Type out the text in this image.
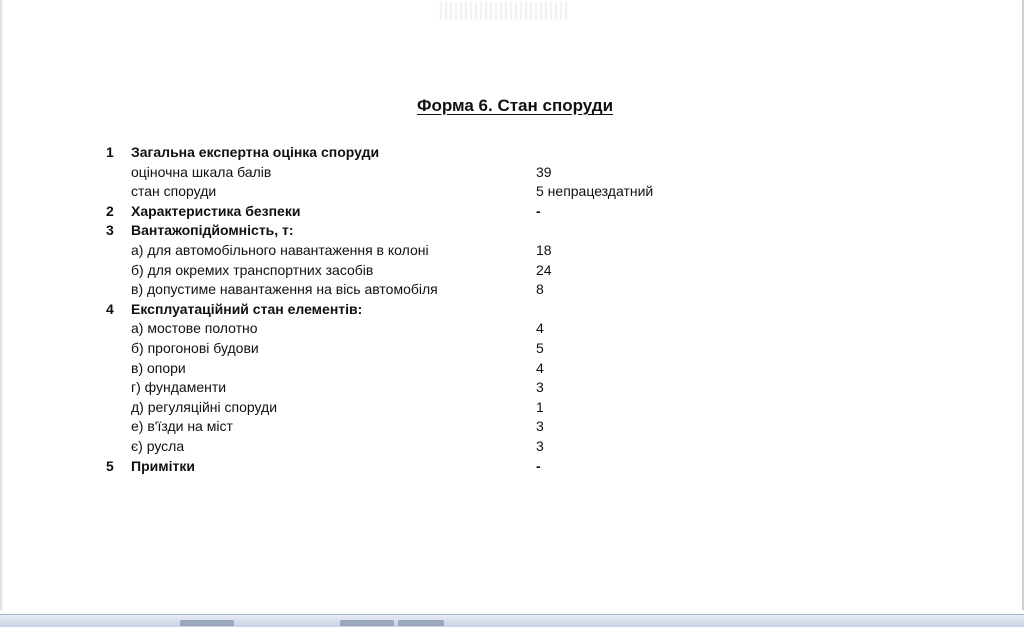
Форма 6. Стан споруди
1	Загальна експертна оцінка споруди
оціночна шкала балів	39
стан споруди	5 непрацездатний
2	Характеристика безпеки	-
3	Вантажопідйомність, т:
а) для автомобільного навантаження в колоні	18
б) для окремих транспортних засобів	24
в) допустиме навантаження на вісь автомобіля	8
4	Експлуатаційний стан елементів:
а) мостове полотно	4
б) прогонові будови	5
в) опори	4
г) фундаменти	3
д) регуляційні споруди	1
е) в'їзди на міст	3
є) русла	3
5	Примітки	-
